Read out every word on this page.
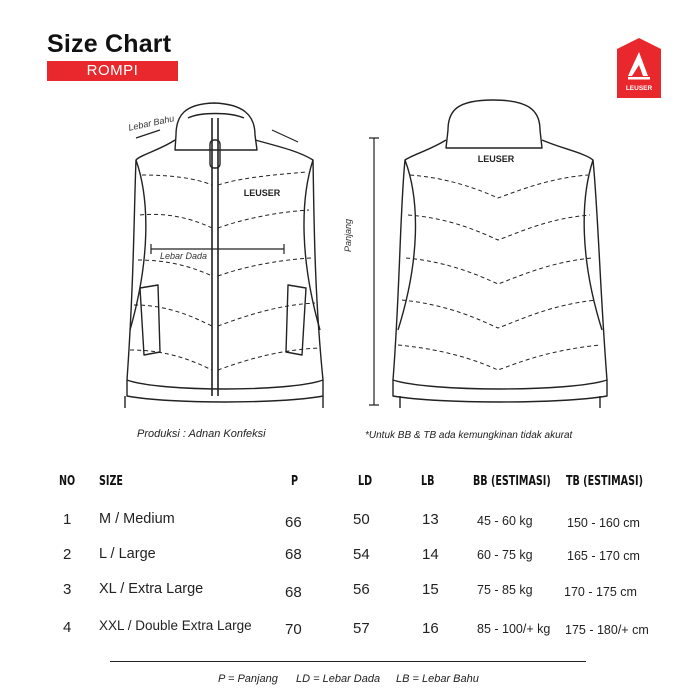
Size Chart
ROMPI
LEUSER
LEUSER
LEUSER
Lebar Bahu
Lebar Dada
Panjang
Produksi : Adnan Konfeksi	*Untuk BB & TB ada kemungkinan tidak akurat
NO SIZE	P	LD	LB	BB (ESTIMASI) TB (ESTIMASI)
1 M / Medium	66	50	13	45 - 60 kg	150 - 160 cm
2 L / Large	68	54	14	60 - 75 kg	165 - 170 cm
3 XL / Extra Large	68	56	15	75 - 85 kg	170 - 175 cm
4 XXL / Double Extra Large 70	57	16	85 - 100/+ kg 175 - 180/+ cm
P = Panjang LD = Lebar Dada LB = Lebar Bahu
